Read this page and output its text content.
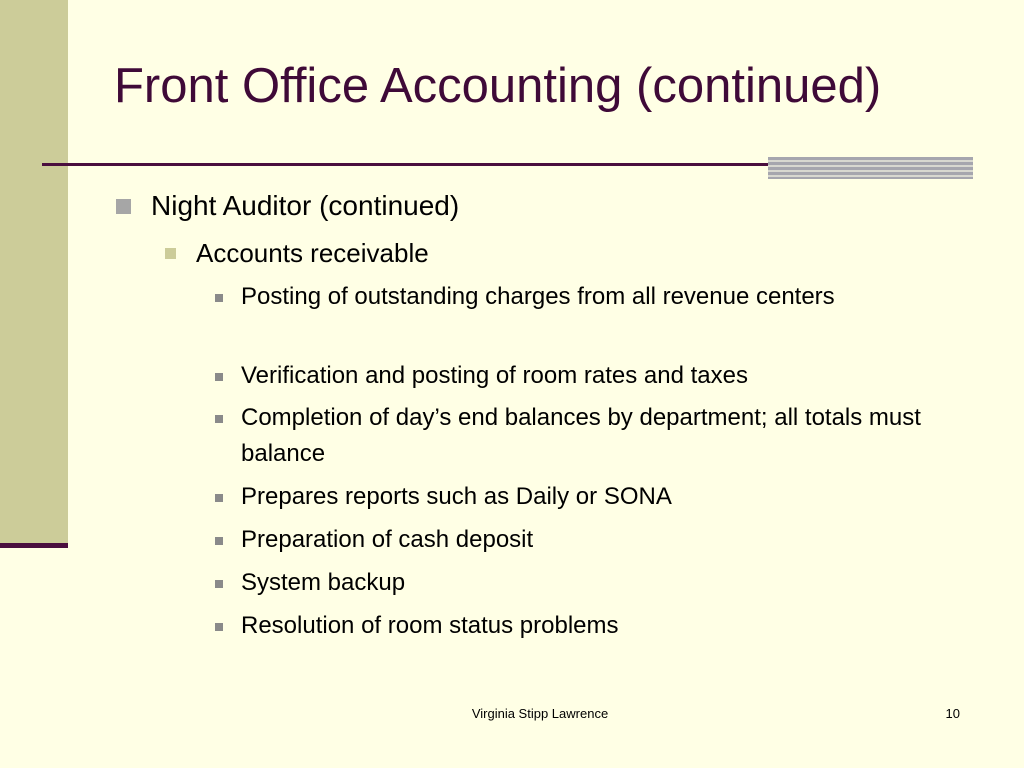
Front Office Accounting (continued)
Night Auditor (continued)
Accounts receivable
Posting of outstanding charges from all revenue centers
Verification and posting of room rates and taxes
Completion of day’s end balances by department; all totals must balance
Prepares reports such as Daily or SONA
Preparation of cash deposit
System backup
Resolution of room status problems
Virginia Stipp Lawrence	10
